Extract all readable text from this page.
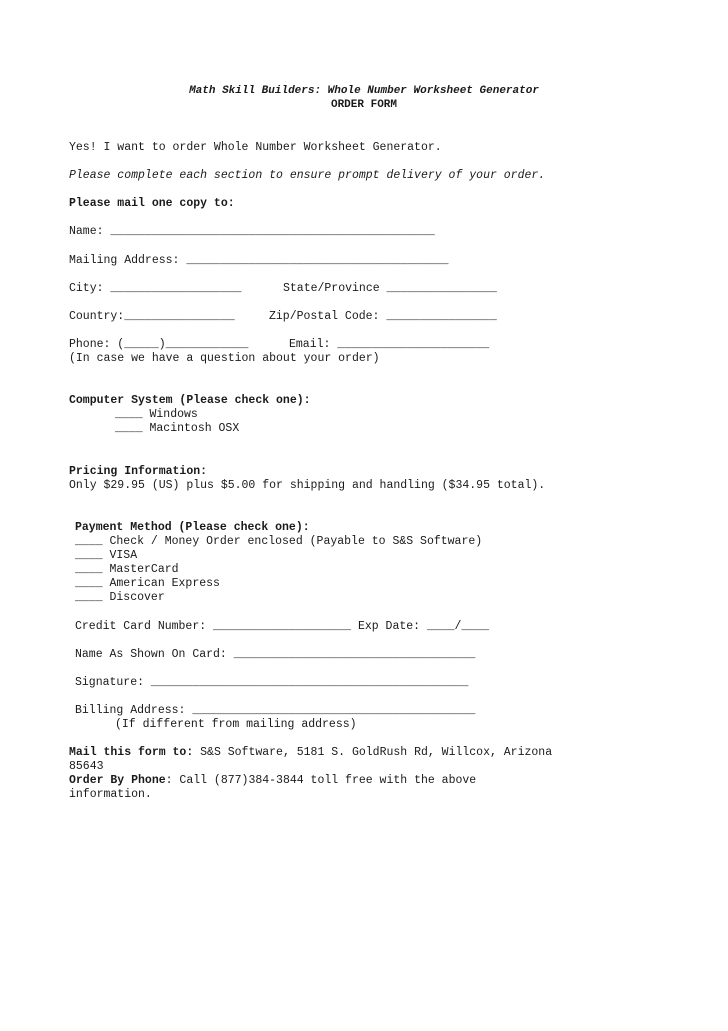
Math Skill Builders: Whole Number Worksheet Generator
ORDER FORM
Yes! I want to order Whole Number Worksheet Generator.
Please complete each section to ensure prompt delivery of your order.
Please mail one copy to:
Name: _______________________________________________
Mailing Address: ______________________________________
City: ___________________	State/Province ________________
Country:________________	Zip/Postal Code: ________________
Phone: (_____)____________	Email: ______________________
(In case we have a question about your order)
Computer System (Please check one):
____ Windows
____ Macintosh OSX
Pricing Information:
Only $29.95 (US) plus $5.00 for shipping and handling ($34.95 total).
Payment Method (Please check one):
____ Check / Money Order enclosed (Payable to S&S Software)
____ VISA
____ MasterCard
____ American Express
____ Discover
Credit Card Number: ____________________ Exp Date: ____/____
Name As Shown On Card: ___________________________________
Signature: ______________________________________________
Billing Address: _________________________________________
(If different from mailing address)
Mail this form to: S&S Software, 5181 S. GoldRush Rd, Willcox, Arizona
85643
Order By Phone: Call (877)384-3844 toll free with the above
information.
